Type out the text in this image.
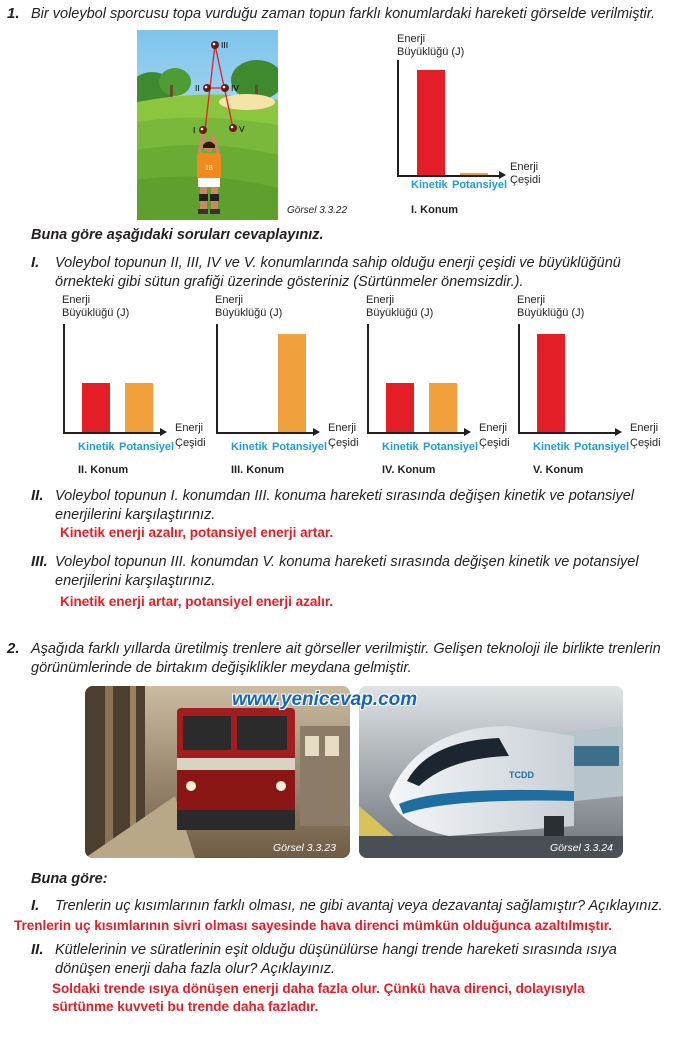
1. Bir voleybol sporcusu topa vurduğu zaman topun farklı konumlardaki hareketi görselde verilmiştir.
III
II	IV
I	V
18
Görsel 3.3.22
Enerji
Büyüklüğü (J)
Enerji
Çeşidi
Kinetik Potansiyel
I. Konum
Buna göre aşağıdaki soruları cevaplayınız.
I. Voleybol topunun II, III, IV ve V. konumlarında sahip olduğu enerji çeşidi ve büyüklüğünü
örnekteki gibi sütun grafiği üzerinde gösteriniz (Sürtünmeler önemsizdir.).
Enerji
Büyüklüğü (J)
Enerji
Çeşidi
Kinetik Potansiyel
II. Konum
Enerji
Büyüklüğü (J)
Enerji
Çeşidi
Kinetik Potansiyel
III. Konum
Enerji
Büyüklüğü (J)
Enerji
Çeşidi
Kinetik Potansiyel
IV. Konum
Enerji
Büyüklüğü (J)
Enerji
Çeşidi
Kinetik Potansiyel
V. Konum
II. Voleybol topunun I. konumdan III. konuma hareketi sırasında değişen kinetik ve potansiyel
enerjilerini karşılaştırınız.
Kinetik enerji azalır, potansiyel enerji artar.
III. Voleybol topunun III. konumdan V. konuma hareketi sırasında değişen kinetik ve potansiyel
enerjilerini karşılaştırınız.
Kinetik enerji artar, potansiyel enerji azalır.
2. Aşağıda farklı yıllarda üretilmiş trenlere ait görseller verilmiştir. Gelişen teknoloji ile birlikte trenlerin
görünümlerinde de birtakım değişiklikler meydana gelmiştir.
Görsel 3.3.23
TCDD
Görsel 3.3.24
www.yenicevap.com
Buna göre:
I. Trenlerin uç kısımlarının farklı olması, ne gibi avantaj veya dezavantaj sağlamıştır? Açıklayınız.
Trenlerin uç kısımlarının sivri olması sayesinde hava direnci mümkün olduğunca azaltılmıştır.
II. Kütlelerinin ve süratlerinin eşit olduğu düşünülürse hangi trende hareketi sırasında ısıya
dönüşen enerji daha fazla olur? Açıklayınız.
Soldaki trende ısıya dönüşen enerji daha fazla olur. Çünkü hava direnci, dolayısıyla
sürtünme kuvveti bu trende daha fazladır.
